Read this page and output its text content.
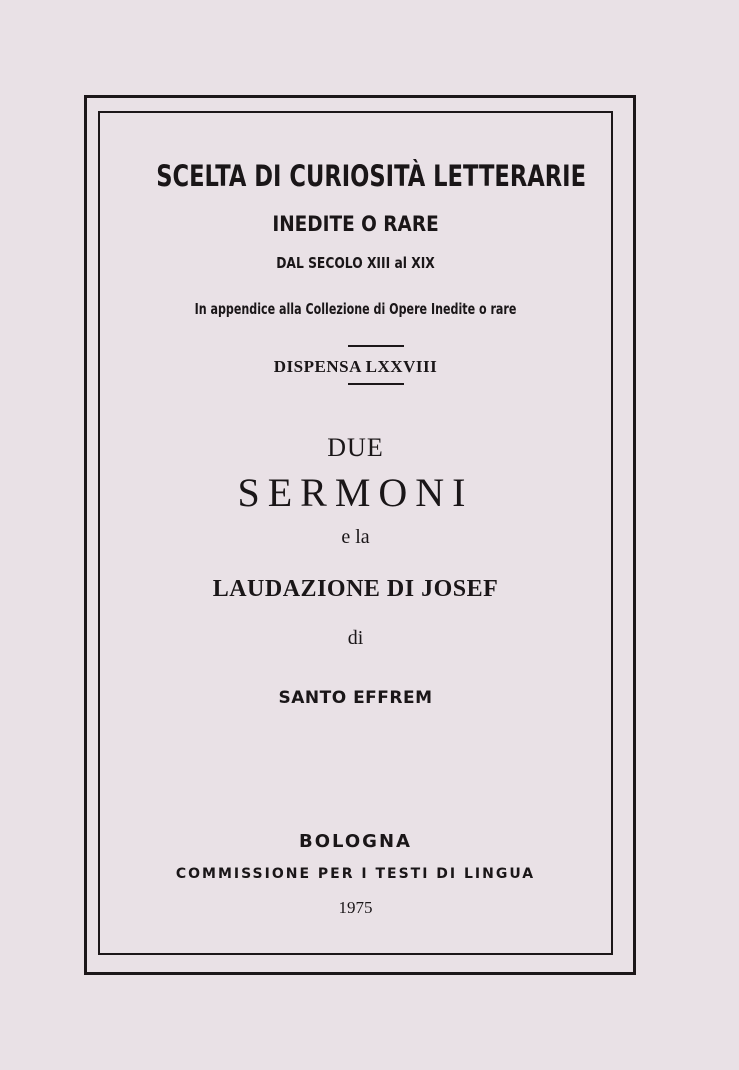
SCELTA DI CURIOSITÀ LETTERARIE
INEDITE O RARE
DAL SECOLO XIII al XIX
In appendice alla Collezione di Opere Inedite o rare
DISPENSA LXXVIII
DUE
SERMONI
e la
LAUDAZIONE DI JOSEF
di
SANTO EFFREM
BOLOGNA
COMMISSIONE PER I TESTI DI LINGUA
1975
